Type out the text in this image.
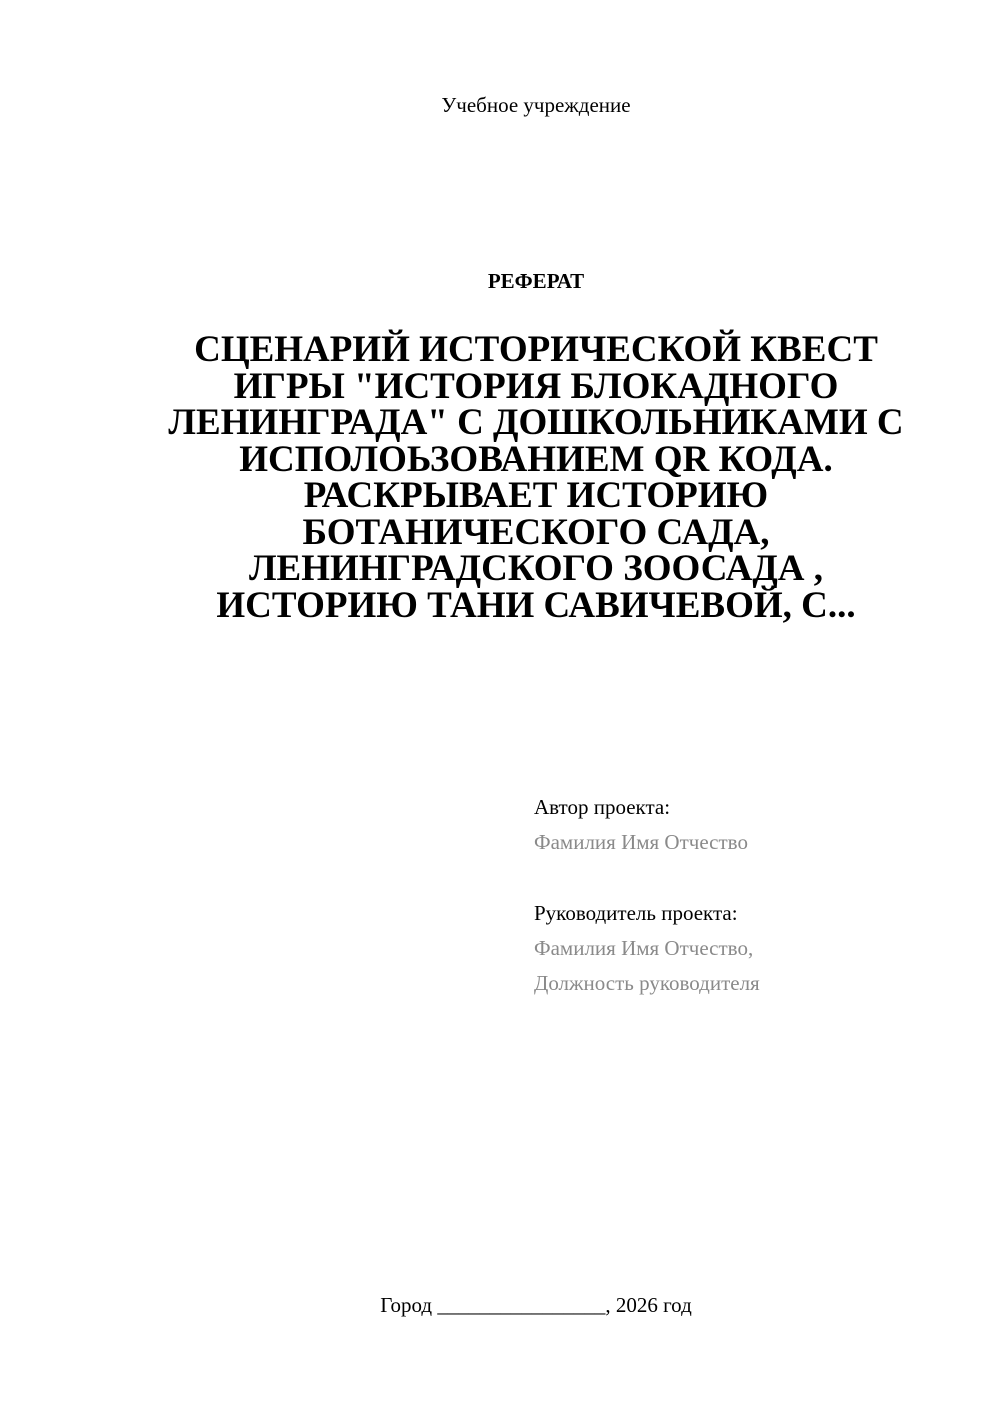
Учебное учреждение
РЕФЕРАТ
СЦЕНАРИЙ ИСТОРИЧЕСКОЙ КВЕСТ
ИГРЫ "ИСТОРИЯ БЛОКАДНОГО
ЛЕНИНГРАДА" С ДОШКОЛЬНИКАМИ С
ИСПОЛОЬЗОВАНИЕМ QR КОДА.
РАСКРЫВАЕТ ИСТОРИЮ
БОТАНИЧЕСКОГО САДА,
ЛЕНИНГРАДСКОГО ЗООСАДА ,
ИСТОРИЮ ТАНИ САВИЧЕВОЙ, С...
Автор проекта:
Фамилия Имя Отчество
Руководитель проекта:
Фамилия Имя Отчество,
Должность руководителя
Город ________________, 2026 год
